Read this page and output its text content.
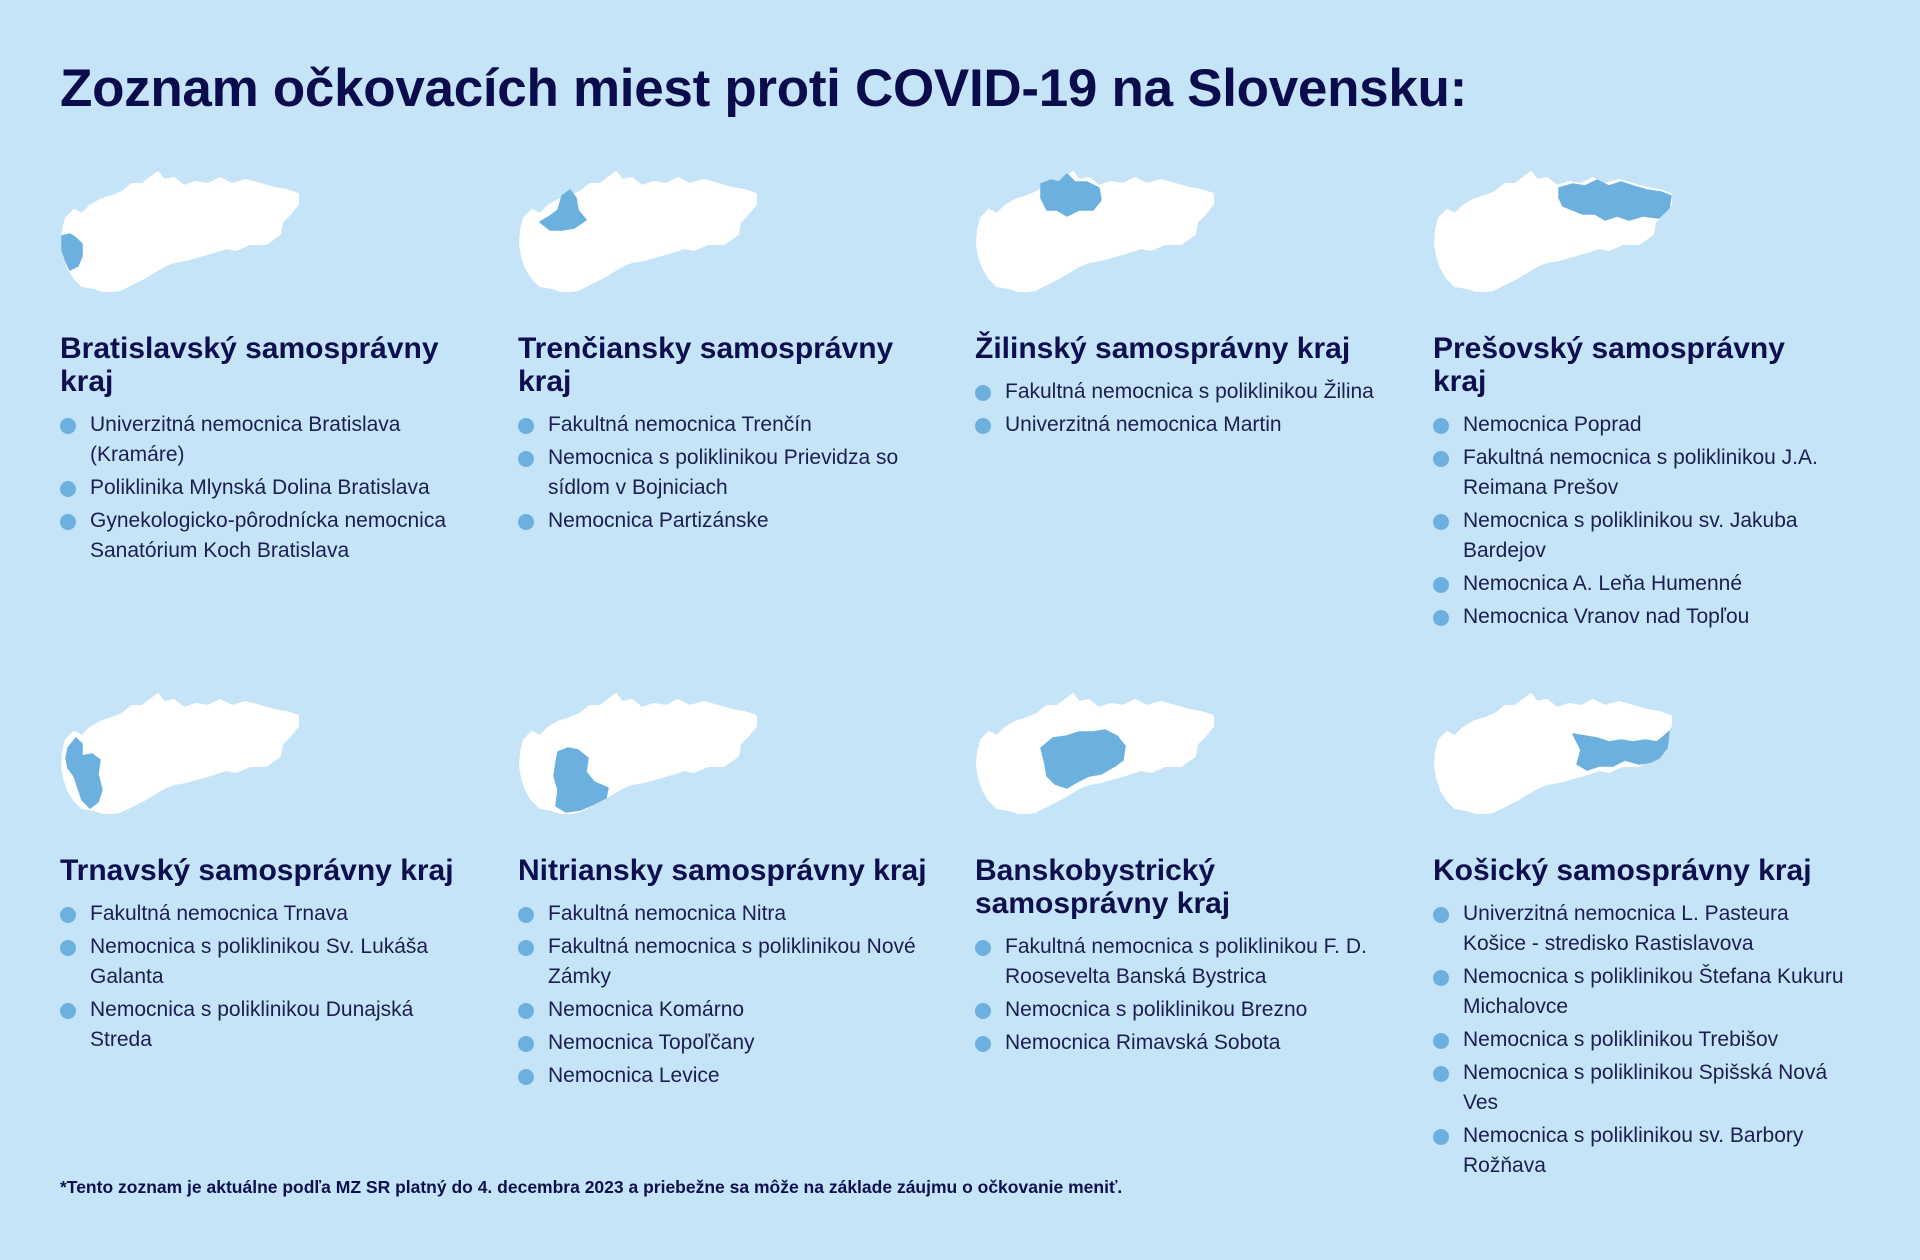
Zoznam očkovacích miest proti COVID-19 na Slovensku:
Bratislavský samosprávny kraj
Univerzitná nemocnica Bratislava (Kramáre)
Poliklinika Mlynská Dolina Bratislava
Gynekologicko-pôrodnícka nemocnica Sanatórium Koch Bratislava
Trenčiansky samosprávny kraj
Fakultná nemocnica Trenčín
Nemocnica s poliklinikou Prievidza so sídlom v Bojniciach
Nemocnica Partizánske
Žilinský samosprávny kraj
Fakultná nemocnica s poliklinikou Žilina
Univerzitná nemocnica Martin
Prešovský samosprávny kraj
Nemocnica Poprad
Fakultná nemocnica s poliklinikou J.A. Reimana Prešov
Nemocnica s poliklinikou sv. Jakuba Bardejov
Nemocnica A. Leňa Humenné
Nemocnica Vranov nad Topľou
Trnavský samosprávny kraj
Fakultná nemocnica Trnava
Nemocnica s poliklinikou Sv. Lukáša Galanta
Nemocnica s poliklinikou Dunajská Streda
Nitriansky samosprávny kraj
Fakultná nemocnica Nitra
Fakultná nemocnica s poliklinikou Nové Zámky
Nemocnica Komárno
Nemocnica Topoľčany
Nemocnica Levice
Banskobystrický samosprávny kraj
Fakultná nemocnica s poliklinikou F. D. Roosevelta Banská Bystrica
Nemocnica s poliklinikou Brezno
Nemocnica Rimavská Sobota
Košický samosprávny kraj
Univerzitná nemocnica L. Pasteura Košice - stredisko Rastislavova
Nemocnica s poliklinikou Štefana Kukuru Michalovce
Nemocnica s poliklinikou Trebišov
Nemocnica s poliklinikou Spišská Nová Ves
Nemocnica s poliklinikou sv. Barbory Rožňava
*Tento zoznam je aktuálne podľa MZ SR platný do 4. decembra 2023 a priebežne sa môže na základe záujmu o očkovanie meniť.
